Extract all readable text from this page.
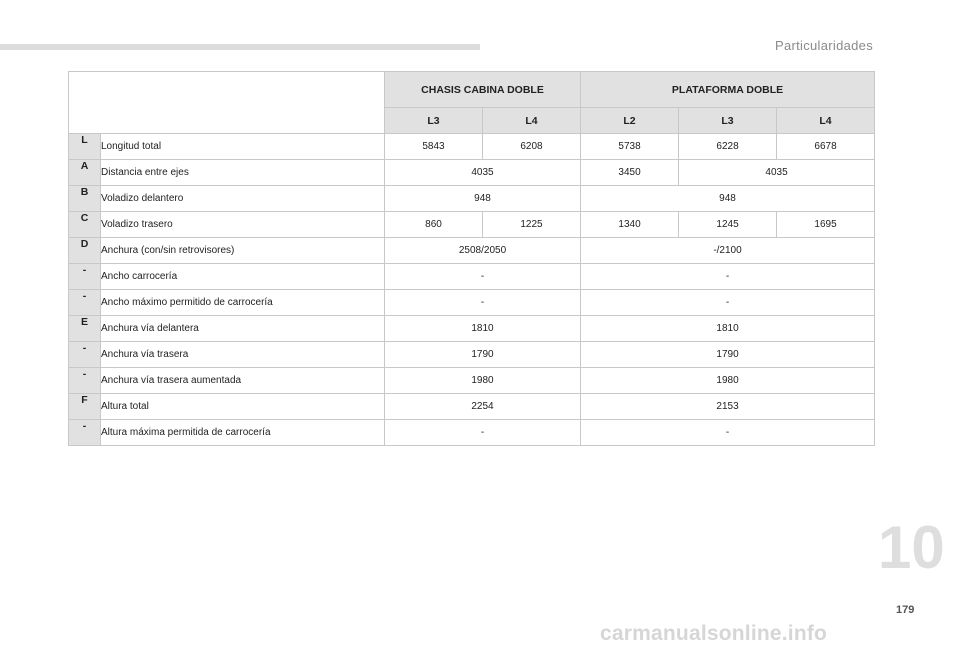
Particularidades
		CHASIS CABINA DOBLE		PLATAFORMA DOBLE		
		L3	L4	L2	L3	L4
L	Longitud total	5843	6208	5738	6228	6678
A	Distancia entre ejes	4035		3450	4035	
B	Voladizo delantero	948		948		
C	Voladizo trasero	860	1225	1340	1245	1695
D	Anchura (con/sin retrovisores)	2508/2050		-/2100		
-	Ancho carrocería	-		-		
-	Ancho máximo permitido de carrocería	-		-		
E	Anchura vía delantera	1810		1810		
-	Anchura vía trasera	1790		1790		
-	Anchura vía trasera aumentada	1980		1980		
F	Altura total	2254		2153		
-	Altura máxima permitida de carrocería	-		-		
10
179
carmanualsonline.info
